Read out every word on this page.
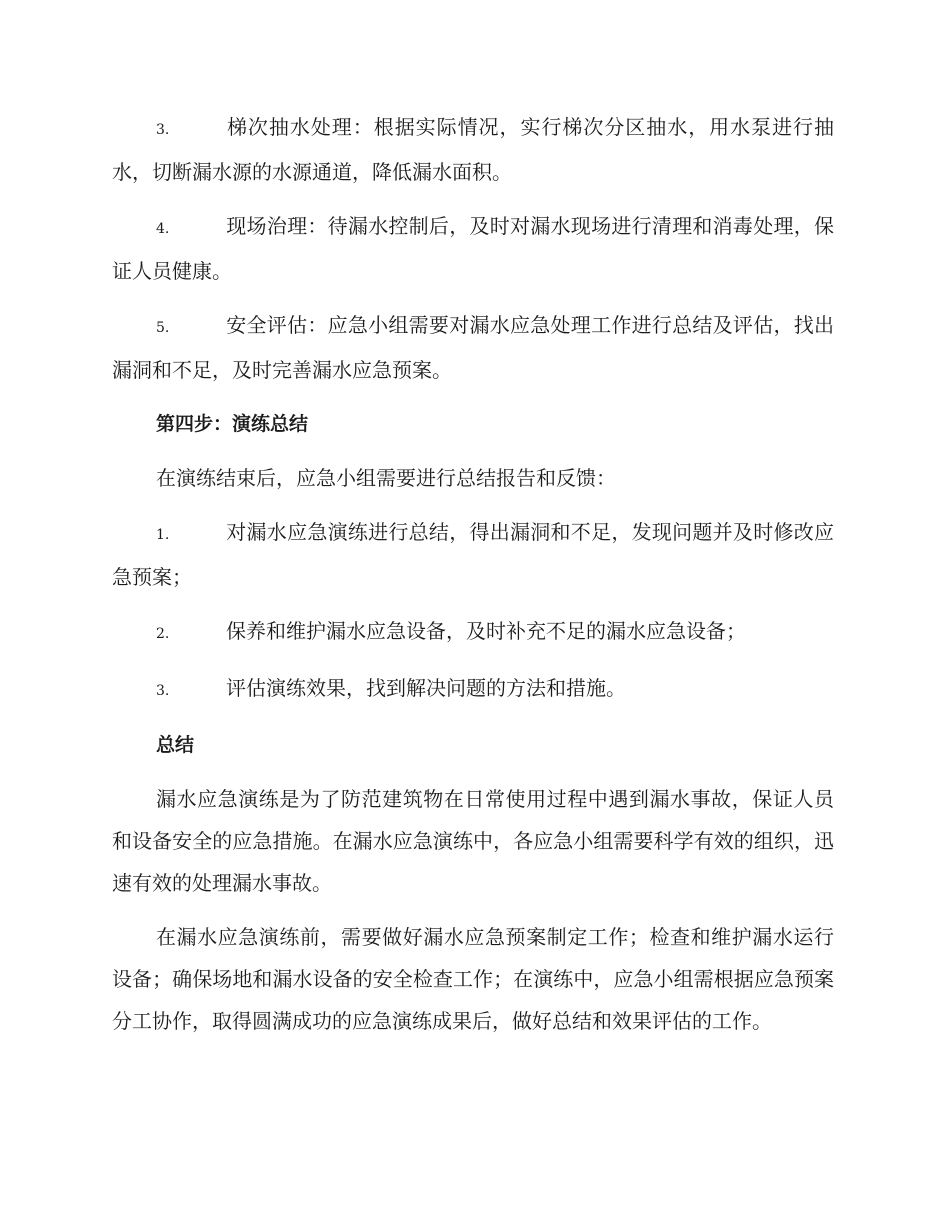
3.	梯次抽水处理：根据实际情况，实行梯次分区抽水，用水泵进行抽水，切断漏水源的水源通道，降低漏水面积。

4.	现场治理：待漏水控制后，及时对漏水现场进行清理和消毒处理，保证人员健康。

5.	安全评估：应急小组需要对漏水应急处理工作进行总结及评估，找出漏洞和不足，及时完善漏水应急预案。

第四步：演练总结

在演练结束后，应急小组需要进行总结报告和反馈：

1.	对漏水应急演练进行总结，得出漏洞和不足，发现问题并及时修改应急预案；

2.	保养和维护漏水应急设备，及时补充不足的漏水应急设备；

3.	评估演练效果，找到解决问题的方法和措施。

总结

漏水应急演练是为了防范建筑物在日常使用过程中遇到漏水事故，保证人员和设备安全的应急措施。在漏水应急演练中，各应急小组需要科学有效的组织，迅速有效的处理漏水事故。

在漏水应急演练前，需要做好漏水应急预案制定工作；检查和维护漏水运行设备；确保场地和漏水设备的安全检查工作；在演练中，应急小组需根据应急预案分工协作，取得圆满成功的应急演练成果后，做好总结和效果评估的工作。
